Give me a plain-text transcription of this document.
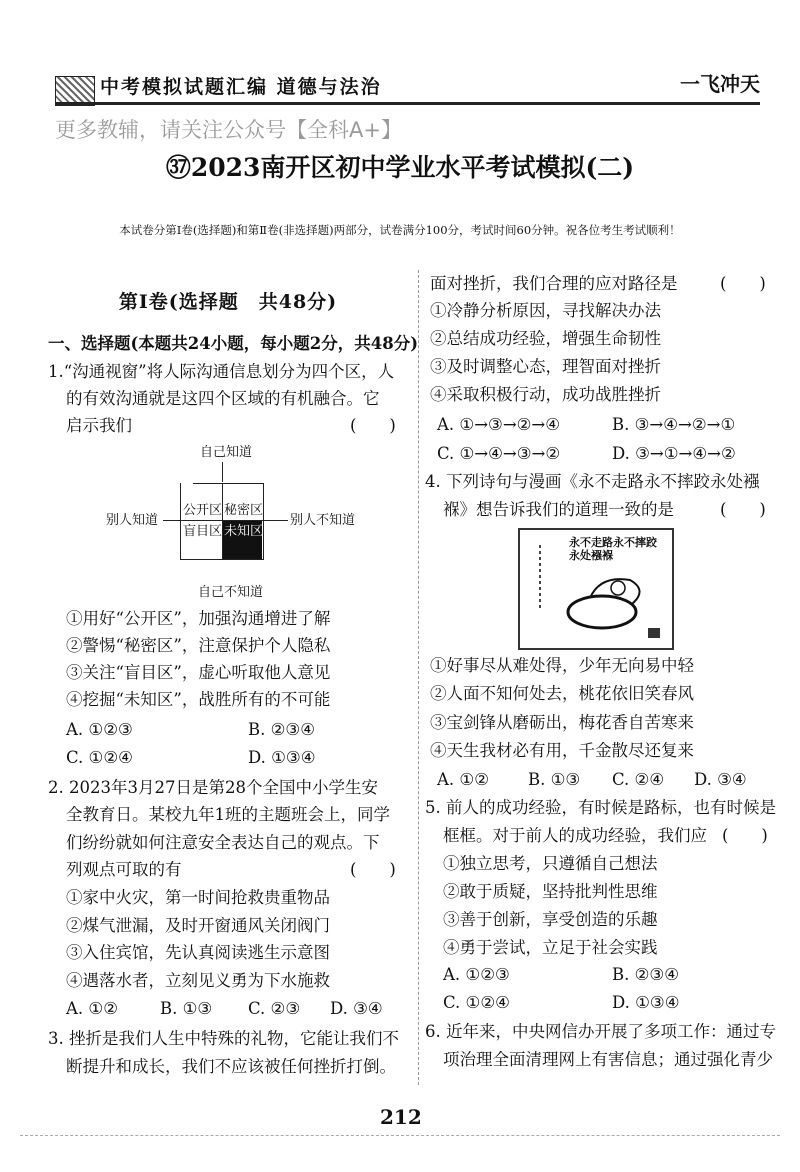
中考模拟试题汇编 道德与法治	一飞冲天
更多教辅，请关注公众号【全科A+】
㊲2023南开区初中学业水平考试模拟(二)
本试卷分第Ⅰ卷(选择题)和第Ⅱ卷(非选择题)两部分，试卷满分100分，考试时间60分钟。祝各位考生考试顺利！
第Ⅰ卷(选择题　共48分)
一、选择题(本题共24小题，每小题2分，共48分)
1.“沟通视窗”将人际沟通信息划分为四个区，人
的有效沟通就是这四个区域的有机融合。它
启示我们	(　　)
自己知道
公开区 秘密区
盲目区 未知区
别人知道	别人不知道
自己不知道
①用好“公开区”，加强沟通增进了解
②警惕“秘密区”，注意保护个人隐私
③关注“盲目区”，虚心听取他人意见
④挖掘“未知区”，战胜所有的不可能
A. ①②③	B. ②③④
C. ①②④	D. ①③④
2. 2023年3月27日是第28个全国中小学生安
全教育日。某校九年1班的主题班会上，同学
们纷纷就如何注意安全表达自己的观点。下
列观点可取的有	(　　)
①家中火灾，第一时间抢救贵重物品
②煤气泄漏，及时开窗通风关闭阀门
③入住宾馆，先认真阅读逃生示意图
④遇落水者，立刻见义勇为下水施救
A. ①②	B. ①③ C. ②③ D. ③④
3. 挫折是我们人生中特殊的礼物，它能让我们不
断提升和成长，我们不应该被任何挫折打倒。
面对挫折，我们合理的应对路径是	(　　)
①冷静分析原因，寻找解决办法
②总结成功经验，增强生命韧性
③及时调整心态，理智面对挫折
④采取积极行动，成功战胜挫折
A. ①→③→②→④	B. ③→④→②→①
C. ①→④→③→②	D. ③→①→④→②
4. 下列诗句与漫画《永不走路永不摔跤永处襁
褓》想告诉我们的道理一致的是	(　　)
永不走路永不摔跤永处襁褓
①好事尽从难处得，少年无向易中轻
②人面不知何处去，桃花依旧笑春风
③宝剑锋从磨砺出，梅花香自苦寒来
④天生我材必有用，千金散尽还复来
A. ①② B. ①③ C. ②④ D. ③④
5. 前人的成功经验，有时候是路标，也有时候是
框框。对于前人的成功经验，我们应 (　　)
①独立思考，只遵循自己想法
②敢于质疑，坚持批判性思维
③善于创新，享受创造的乐趣
④勇于尝试，立足于社会实践
A. ①②③	B. ②③④
C. ①②④	D. ①③④
6. 近年来，中央网信办开展了多项工作：通过专
项治理全面清理网上有害信息；通过强化青少
212
